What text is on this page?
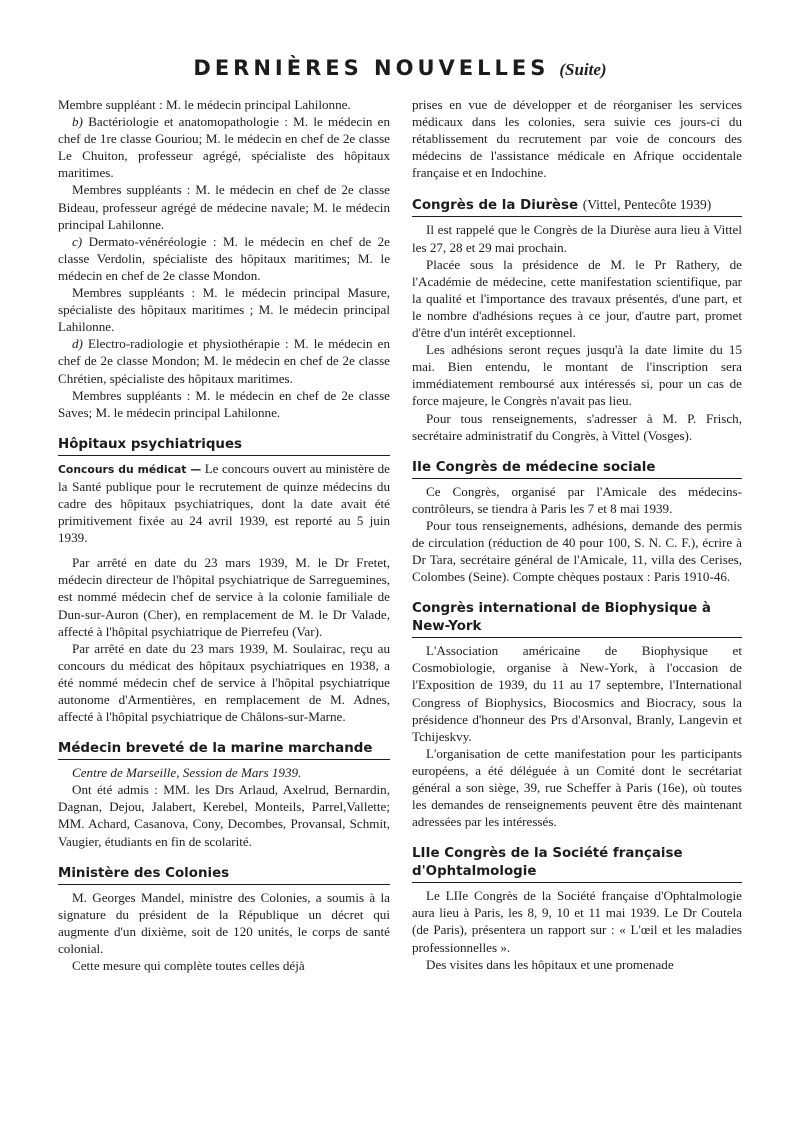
DERNIÈRES NOUVELLES (Suite)

Membre suppléant : M. le médecin principal Lahilonne.

b) Bactériologie et anatomopathologie : M. le médecin en chef de 1re classe Gouriou; M. le médecin en chef de 2e classe Le Chuiton, professeur agrégé, spécialiste des hôpitaux maritimes.

Membres suppléants : M. le médecin en chef de 2e classe Bideau, professeur agrégé de médecine navale; M. le médecin principal Lahilonne.

c) Dermato-vénéréologie : M. le médecin en chef de 2e classe Verdolin, spécialiste des hôpitaux maritimes; M. le médecin en chef de 2e classe Mondon.

Membres suppléants : M. le médecin principal Masure, spécialiste des hôpitaux maritimes ; M. le médecin principal Lahilonne.

d) Electro-radiologie et physiothérapie : M. le médecin en chef de 2e classe Mondon; M. le médecin en chef de 2e classe Chrétien, spécialiste des hôpitaux maritimes.

Membres suppléants : M. le médecin en chef de 2e classe Saves; M. le médecin principal Lahilonne.

Hôpitaux psychiatriques

Concours du médicat — Le concours ouvert au ministère de la Santé publique pour le recrutement de quinze médecins du cadre des hôpitaux psychiatriques, dont la date avait été primitivement fixée au 24 avril 1939, est reporté au 5 juin 1939.

Par arrêté en date du 23 mars 1939, M. le Dr Fretet, médecin directeur de l'hôpital psychiatrique de Sarreguemines, est nommé médecin chef de service à la colonie familiale de Dun-sur-Auron (Cher), en remplacement de M. le Dr Valade, affecté à l'hôpital psychiatrique de Pierrefeu (Var).

Par arrêté en date du 23 mars 1939, M. Soulairac, reçu au concours du médicat des hôpitaux psychiatriques en 1938, a été nommé médecin chef de service à l'hôpital psychiatrique autonome d'Armentières, en remplacement de M. Adnes, affecté à l'hôpital psychiatrique de Châlons-sur-Marne.

Médecin breveté de la marine marchande

Centre de Marseille, Session de Mars 1939.

Ont été admis : MM. les Drs Arlaud, Axelrud, Bernardin, Dagnan, Dejou, Jalabert, Kerebel, Monteils, Parrel,Vallette; MM. Achard, Casanova, Cony, Decombes, Provansal, Schmit, Vaugier, étudiants en fin de scolarité.

Ministère des Colonies

M. Georges Mandel, ministre des Colonies, a soumis à la signature du président de la République un décret qui augmente d'un dixième, soit de 120 unités, le corps de santé colonial.

Cette mesure qui complète toutes celles déjà

prises en vue de développer et de réorganiser les services médicaux dans les colonies, sera suivie ces jours-ci du rétablissement du recrutement par voie de concours des médecins de l'assistance médicale en Afrique occidentale française et en Indochine.

Congrès de la Diurèse (Vittel, Pentecôte 1939)

Il est rappelé que le Congrès de la Diurèse aura lieu à Vittel les 27, 28 et 29 mai prochain.

Placée sous la présidence de M. le Pr Rathery, de l'Académie de médecine, cette manifestation scientifique, par la qualité et l'importance des travaux présentés, d'une part, et le nombre d'adhésions reçues à ce jour, d'autre part, promet d'être d'un intérêt exceptionnel.

Les adhésions seront reçues jusqu'à la date limite du 15 mai. Bien entendu, le montant de l'inscription sera immédiatement remboursé aux intéressés si, pour un cas de force majeure, le Congrès n'avait pas lieu.

Pour tous renseignements, s'adresser à M. P. Frisch, secrétaire administratif du Congrès, à Vittel (Vosges).

IIe Congrès de médecine sociale

Ce Congrès, organisé par l'Amicale des médecins-contrôleurs, se tiendra à Paris les 7 et 8 mai 1939.

Pour tous renseignements, adhésions, demande des permis de circulation (réduction de 40 pour 100, S. N. C. F.), écrire à Dr Tara, secrétaire général de l'Amicale, 11, villa des Cerises, Colombes (Seine). Compte chèques postaux : Paris 1910-46.

Congrès international de Biophysique à New-York

L'Association américaine de Biophysique et Cosmobiologie, organise à New-York, à l'occasion de l'Exposition de 1939, du 11 au 17 septembre, l'International Congress of Biophysics, Biocosmics and Biocracy, sous la présidence d'honneur des Prs d'Arsonval, Branly, Langevin et Tchijeskvy.

L'organisation de cette manifestation pour les participants européens, a été déléguée à un Comité dont le secrétariat général a son siège, 39, rue Scheffer à Paris (16e), où toutes les demandes de renseignements peuvent être dès maintenant adressées par les intéressés.

LIIe Congrès de la Société française d'Ophtalmologie

Le LIIe Congrès de la Société française d'Ophtalmologie aura lieu à Paris, les 8, 9, 10 et 11 mai 1939. Le Dr Coutela (de Paris), présentera un rapport sur : « L'œil et les maladies professionnelles ».

Des visites dans les hôpitaux et une promenade
